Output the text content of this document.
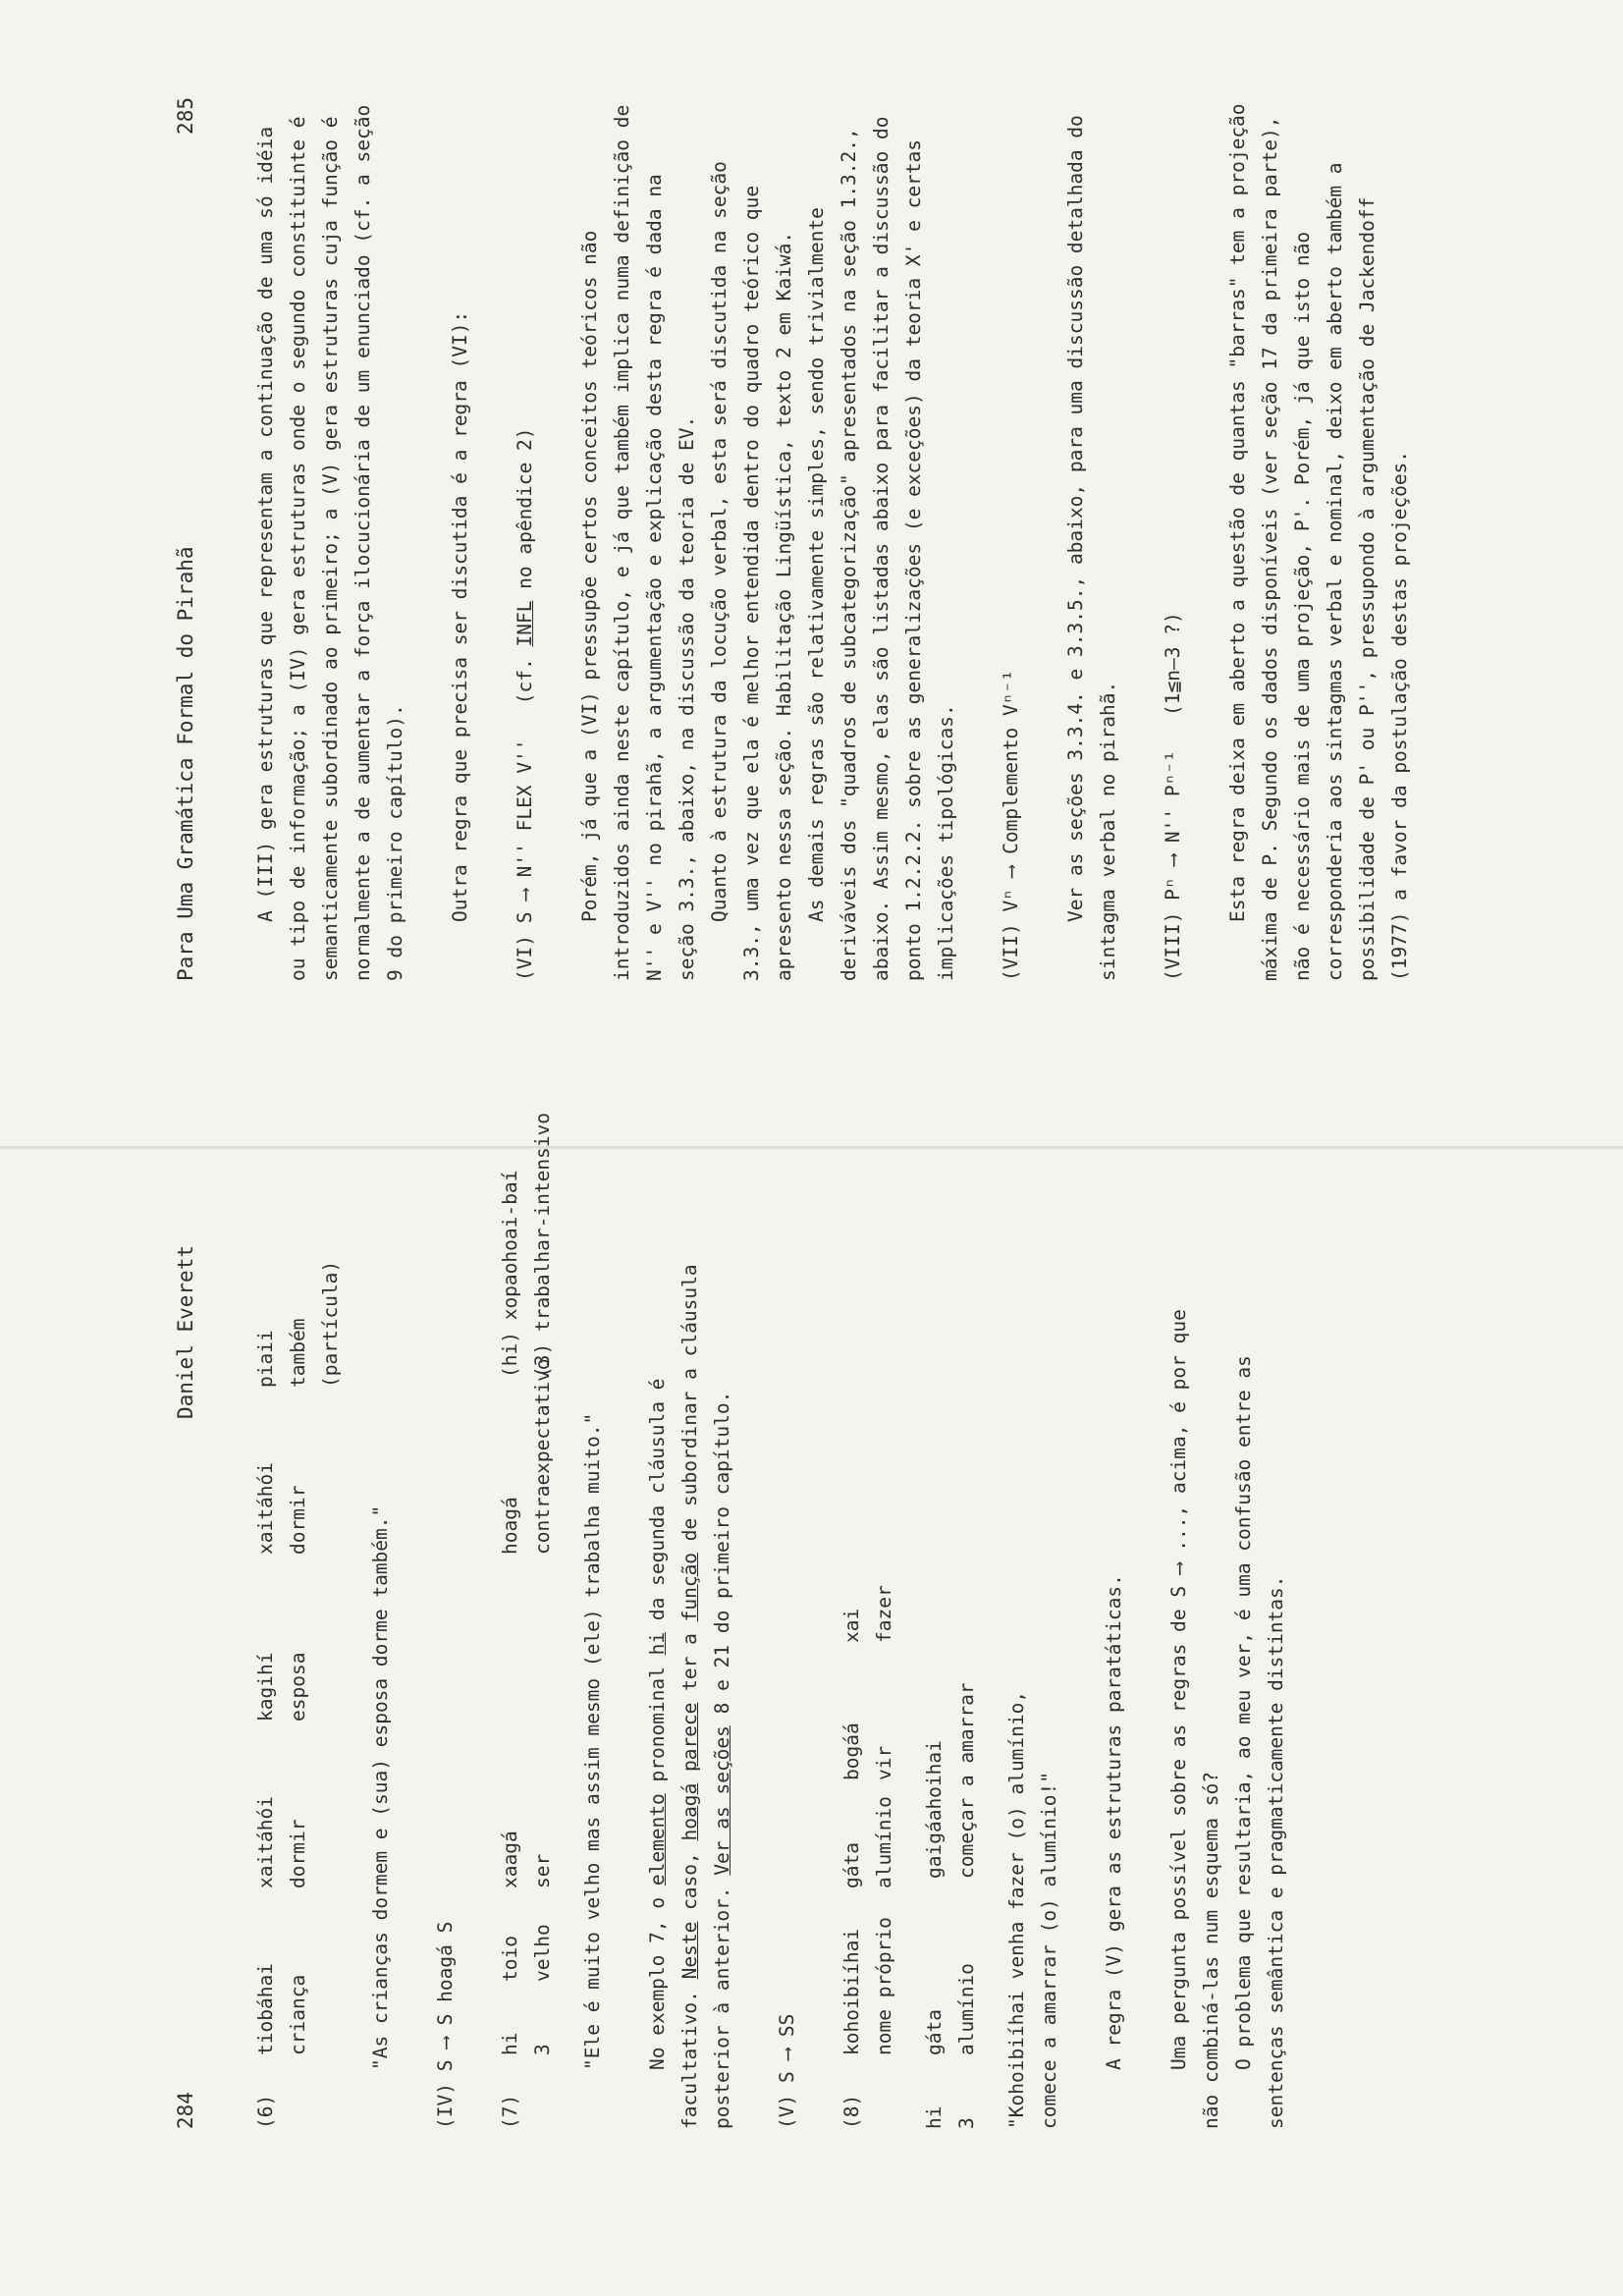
Para Uma Gramática Formal do Pirahã
285

A (III) gera estruturas que representam a continuação de uma só idéia ou tipo de informação; a (IV) gera estruturas onde o segundo constituinte é semanticamente subordinado ao primeiro; a (V) gera estruturas cuja função é normalmente a de aumentar a força ilocucionária de um enunciado (cf. a seção 9 do primeiro capítulo). Outra regra que precisa ser discutida é a regra (VI): (VI) S ⟶ N'' FLEX V''   (cf. INFL no apêndice 2) Porém, já que a (VI) pressupõe certos conceitos teóricos não introduzidos ainda neste capítulo, e já que também implica numa definição de N'' e V'' no pirahã, a argumentação e explicação desta regra é dada na seção 3.3., abaixo, na discussão da teoria de EV. Quanto à estrutura da locução verbal, esta será discutida na seção 3.3., uma vez que ela é melhor entendida dentro do quadro teórico que apresento nessa seção. Habilitação Lingüística, texto 2 em Kaiwá. As demais regras são relativamente simples, sendo trivialmente deriváveis dos "quadros de subcategorização" apresentados na seção 1.3.2., abaixo. Assim mesmo, elas são listadas abaixo para facilitar a discussão do ponto 1.2.2.2. sobre as generalizações (e exceções) da teoria X' e certas implicações tipológicas. (VII) Vⁿ ⟶ Complemento Vⁿ⁻¹ Ver as seções 3.3.4. e 3.3.5., abaixo, para uma discussão detalhada do sintagma verbal no pirahã. (VIII) Pⁿ ⟶ N'' Pⁿ⁻¹   (1≦n—3 ?) Esta regra deixa em aberto a questão de quantas "barras" tem a projeção máxima de P. Segundo os dados disponíveis (ver seção 17 da primeira parte), não é necessário mais de uma projeção, P'. Porém, já que isto não corresponderia aos sintagmas verbal e nominal, deixo em aberto também a possibilidade de P' ou P'', pressupondo à argumentação de Jackendoff (1977) a favor da postulação destas projeções.

284
Daniel Everett
(6)
tiobáhai
xaitáhói
kagihí
xaitáhói
piaii
criança
dormir
esposa
dormir
também (partícula)

"As crianças dormem e (sua) esposa dorme também." (IV) S ⟶ S hoagá S (7)
hi
toio
xaagá
hoagá
(hi) xopaohoai-baí
3
velho
ser
contraexpectativo
(3) trabalhar-intensivo

"Ele é muito velho mas assim mesmo (ele) trabalha muito." No exemplo 7, o elemento pronominal hi da segunda cláusula é

facultativo. Neste caso, hoagá parece ter a função de subordinar a cláusula

posterior à anterior. Ver as seções 8 e 21 do primeiro capítulo.

(V) S ⟶ SS (8)
kohoibiíhai
gáta
bogáá
xai
nome próprio
alumínio
vir
fazer
hi
gáta
gaigáahoihai
3
alumínio
começar a amarrar "Kohoibiíhai venha fazer (o) alumínio, comece a amarrar (o) alumínio!" A regra (V) gera as estruturas paratáticas. Uma pergunta possível sobre as regras de S ⟶ ..., acima, é por que não combiná-las num esquema só? O problema que resultaria, ao meu ver, é uma confusão entre as sentenças semântica e pragmaticamente distintas.
